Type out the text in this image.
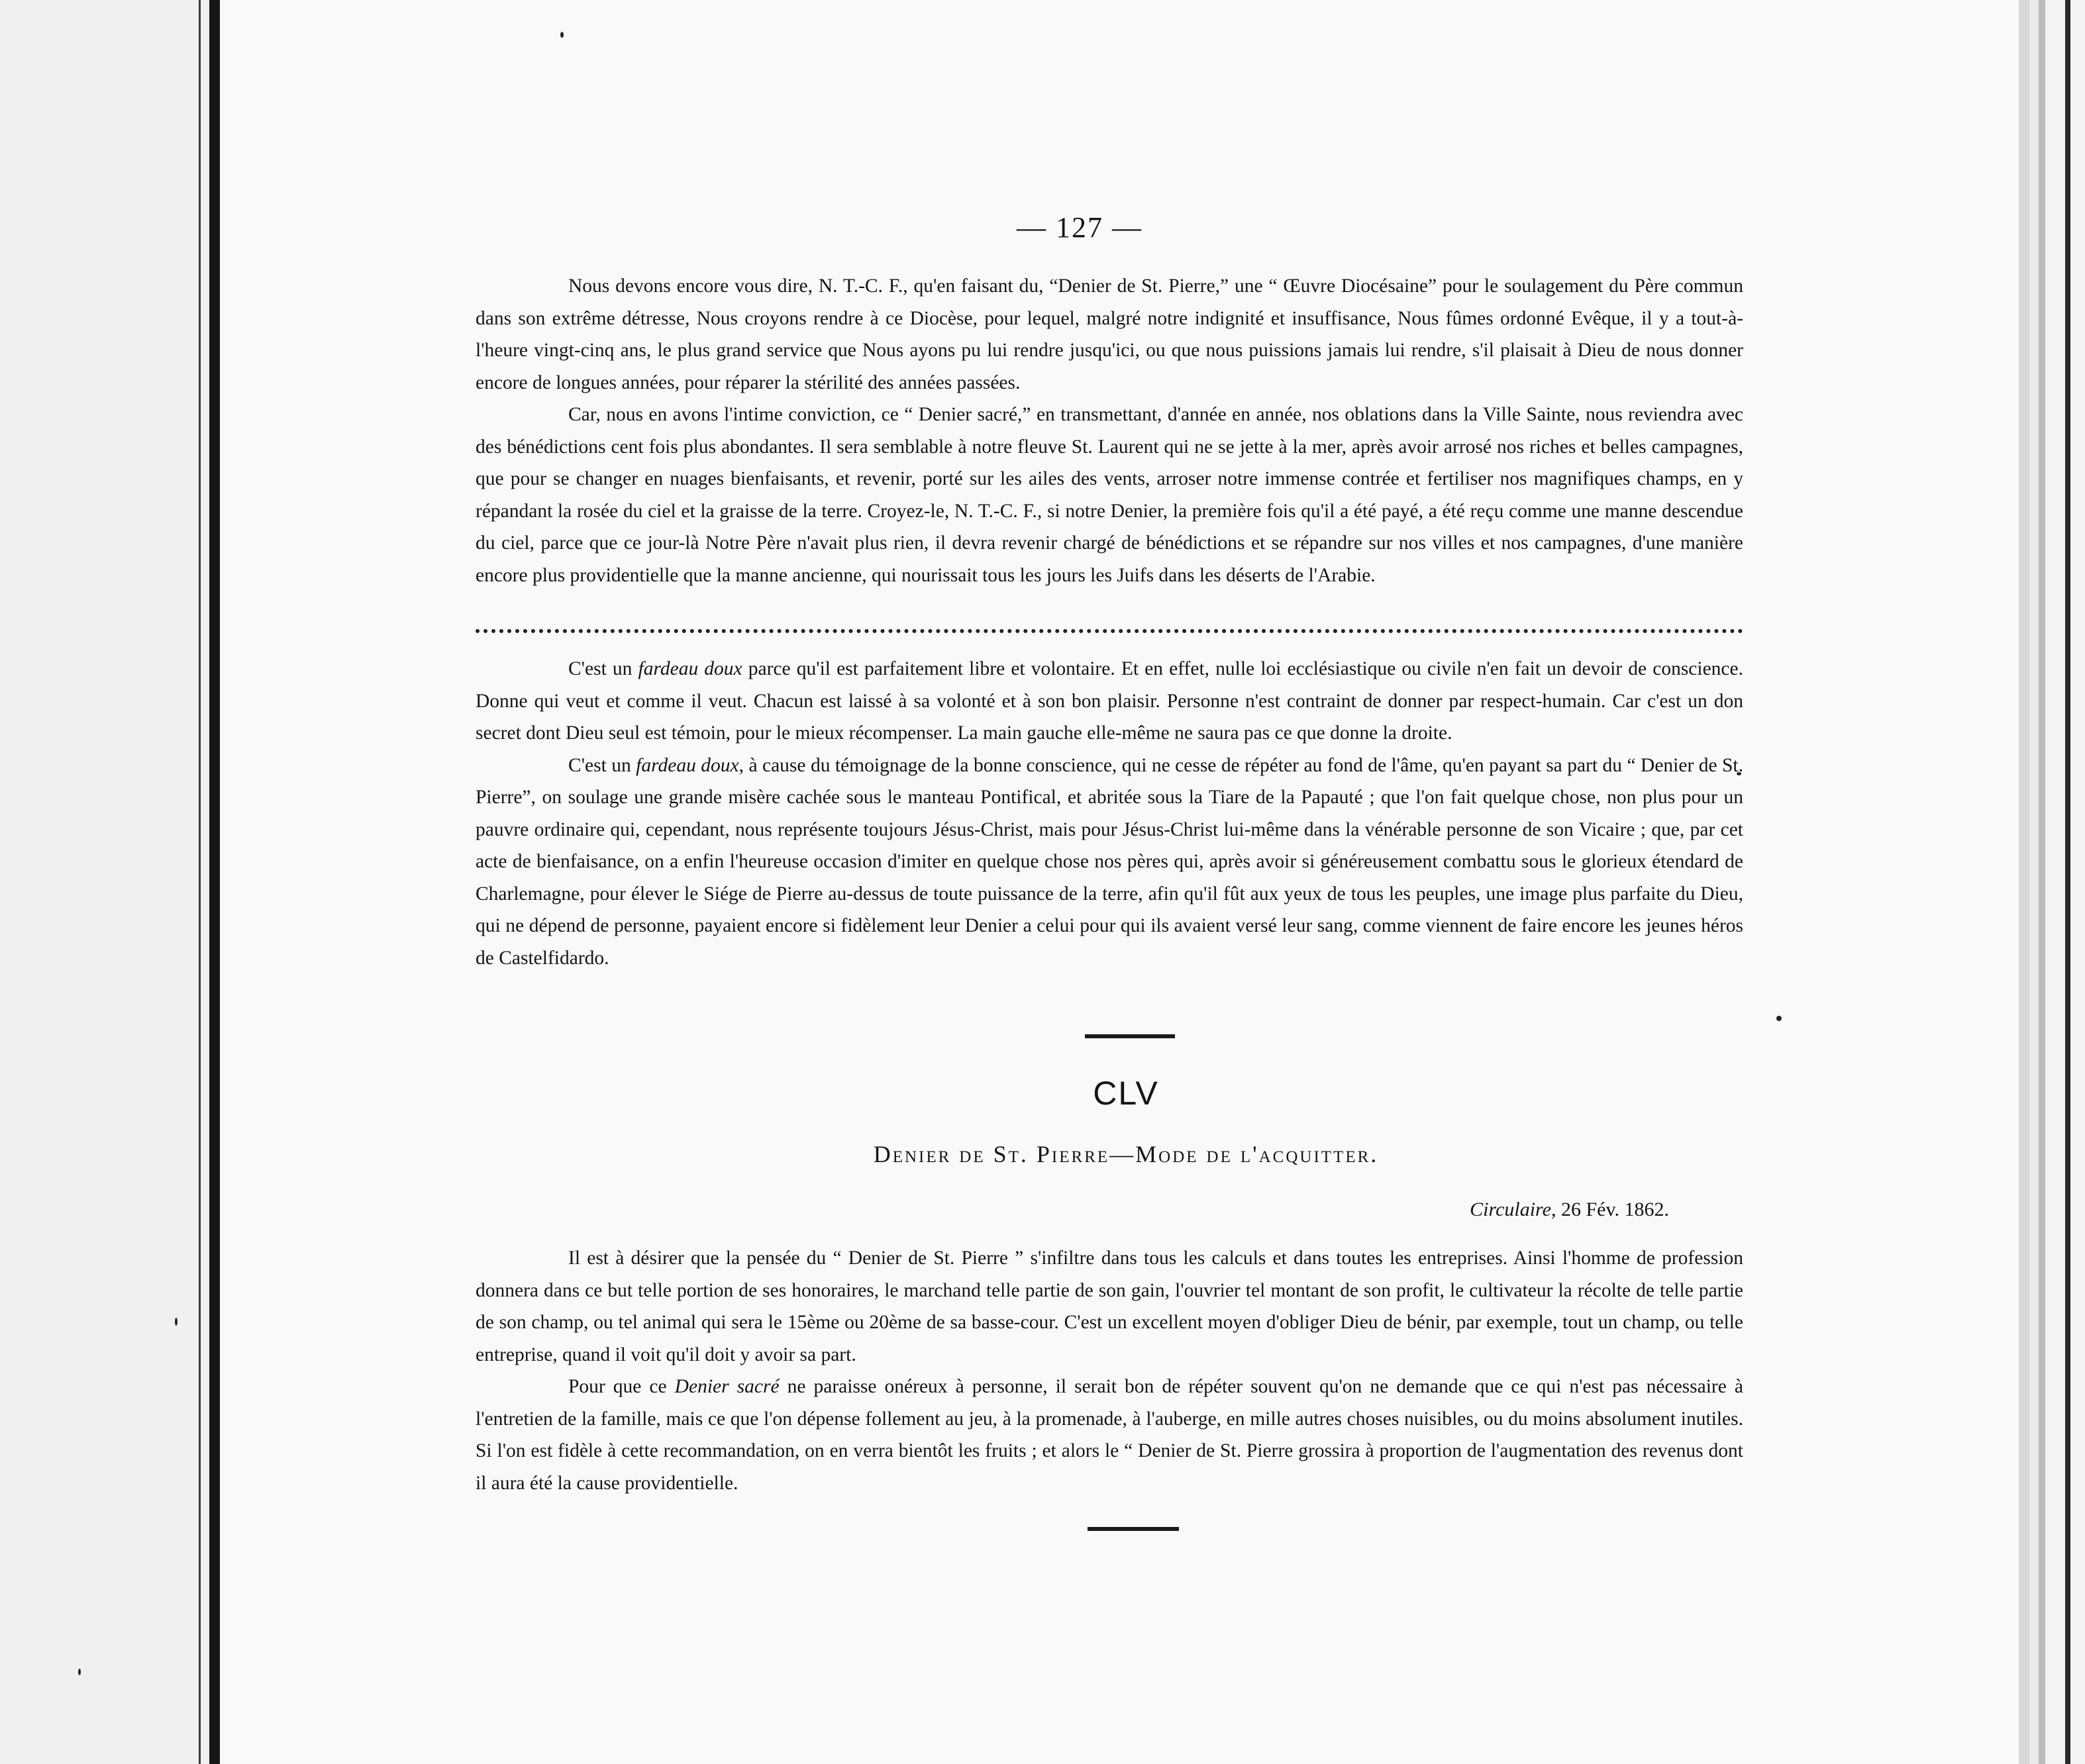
— 127 —

Nous devons encore vous dire, N. T.-C. F., qu'en faisant du, “Denier de St. Pierre,” une “ Œuvre Diocésaine” pour le soulagement du Père commun dans son extrême détresse, Nous croyons rendre à ce Diocèse, pour lequel, malgré notre indignité et insuffisance, Nous fûmes ordonné Evêque, il y a tout-à-l'heure vingt-cinq ans, le plus grand service que Nous ayons pu lui rendre jusqu'ici, ou que nous puissions jamais lui rendre, s'il plaisait à Dieu de nous donner encore de longues années, pour réparer la stérilité des années passées.

Car, nous en avons l'intime conviction, ce “ Denier sacré,” en transmettant, d'année en année, nos oblations dans la Ville Sainte, nous reviendra avec des bénédictions cent fois plus abondantes. Il sera semblable à notre fleuve St. Laurent qui ne se jette à la mer, après avoir arrosé nos riches et belles campagnes, que pour se changer en nuages bienfaisants, et revenir, porté sur les ailes des vents, arroser notre immense contrée et fertiliser nos magnifiques champs, en y répandant la rosée du ciel et la graisse de la terre. Croyez-le, N. T.-C. F., si notre Denier, la première fois qu'il a été payé, a été reçu comme une manne descendue du ciel, parce que ce jour-là Notre Père n'avait plus rien, il devra revenir chargé de bénédictions et se répandre sur nos villes et nos campagnes, d'une manière encore plus providentielle que la manne ancienne, qui nourissait tous les jours les Juifs dans les déserts de l'Arabie.

C'est un fardeau doux parce qu'il est parfaitement libre et volontaire. Et en effet, nulle loi ecclésiastique ou civile n'en fait un devoir de conscience. Donne qui veut et comme il veut. Chacun est laissé à sa volonté et à son bon plaisir. Personne n'est contraint de donner par respect-humain. Car c'est un don secret dont Dieu seul est témoin, pour le mieux récompenser. La main gauche elle-même ne saura pas ce que donne la droite.

C'est un fardeau doux, à cause du témoignage de la bonne conscience, qui ne cesse de répéter au fond de l'âme, qu'en payant sa part du “ Denier de St. Pierre”, on soulage une grande misère cachée sous le manteau Pontifical, et abritée sous la Tiare de la Papauté ; que l'on fait quelque chose, non plus pour un pauvre ordinaire qui, cependant, nous représente toujours Jésus-Christ, mais pour Jésus-Christ lui-même dans la vénérable personne de son Vicaire ; que, par cet acte de bienfaisance, on a enfin l'heureuse occasion d'imiter en quelque chose nos pères qui, après avoir si généreusement combattu sous le glorieux étendard de Charlemagne, pour élever le Siége de Pierre au-dessus de toute puissance de la terre, afin qu'il fût aux yeux de tous les peuples, une image plus parfaite du Dieu, qui ne dépend de personne, payaient encore si fidèlement leur Denier a celui pour qui ils avaient versé leur sang, comme viennent de faire encore les jeunes héros de Castelfidardo.

CLV
Denier de St. Pierre—Mode de l'acquitter.
Circulaire, 26 Fév. 1862.

Il est à désirer que la pensée du “ Denier de St. Pierre ” s'infiltre dans tous les calculs et dans toutes les entreprises. Ainsi l'homme de profession donnera dans ce but telle portion de ses honoraires, le marchand telle partie de son gain, l'ouvrier tel montant de son profit, le cultivateur la récolte de telle partie de son champ, ou tel animal qui sera le 15ème ou 20ème de sa basse-cour. C'est un excellent moyen d'obliger Dieu de bénir, par exemple, tout un champ, ou telle entreprise, quand il voit qu'il doit y avoir sa part.

Pour que ce Denier sacré ne paraisse onéreux à personne, il serait bon de répéter souvent qu'on ne demande que ce qui n'est pas nécessaire à l'entretien de la famille, mais ce que l'on dépense follement au jeu, à la promenade, à l'auberge, en mille autres choses nuisibles, ou du moins absolument inutiles. Si l'on est fidèle à cette recommandation, on en verra bientôt les fruits ; et alors le “ Denier de St. Pierre grossira à proportion de l'augmentation des revenus dont il aura été la cause providentielle.
